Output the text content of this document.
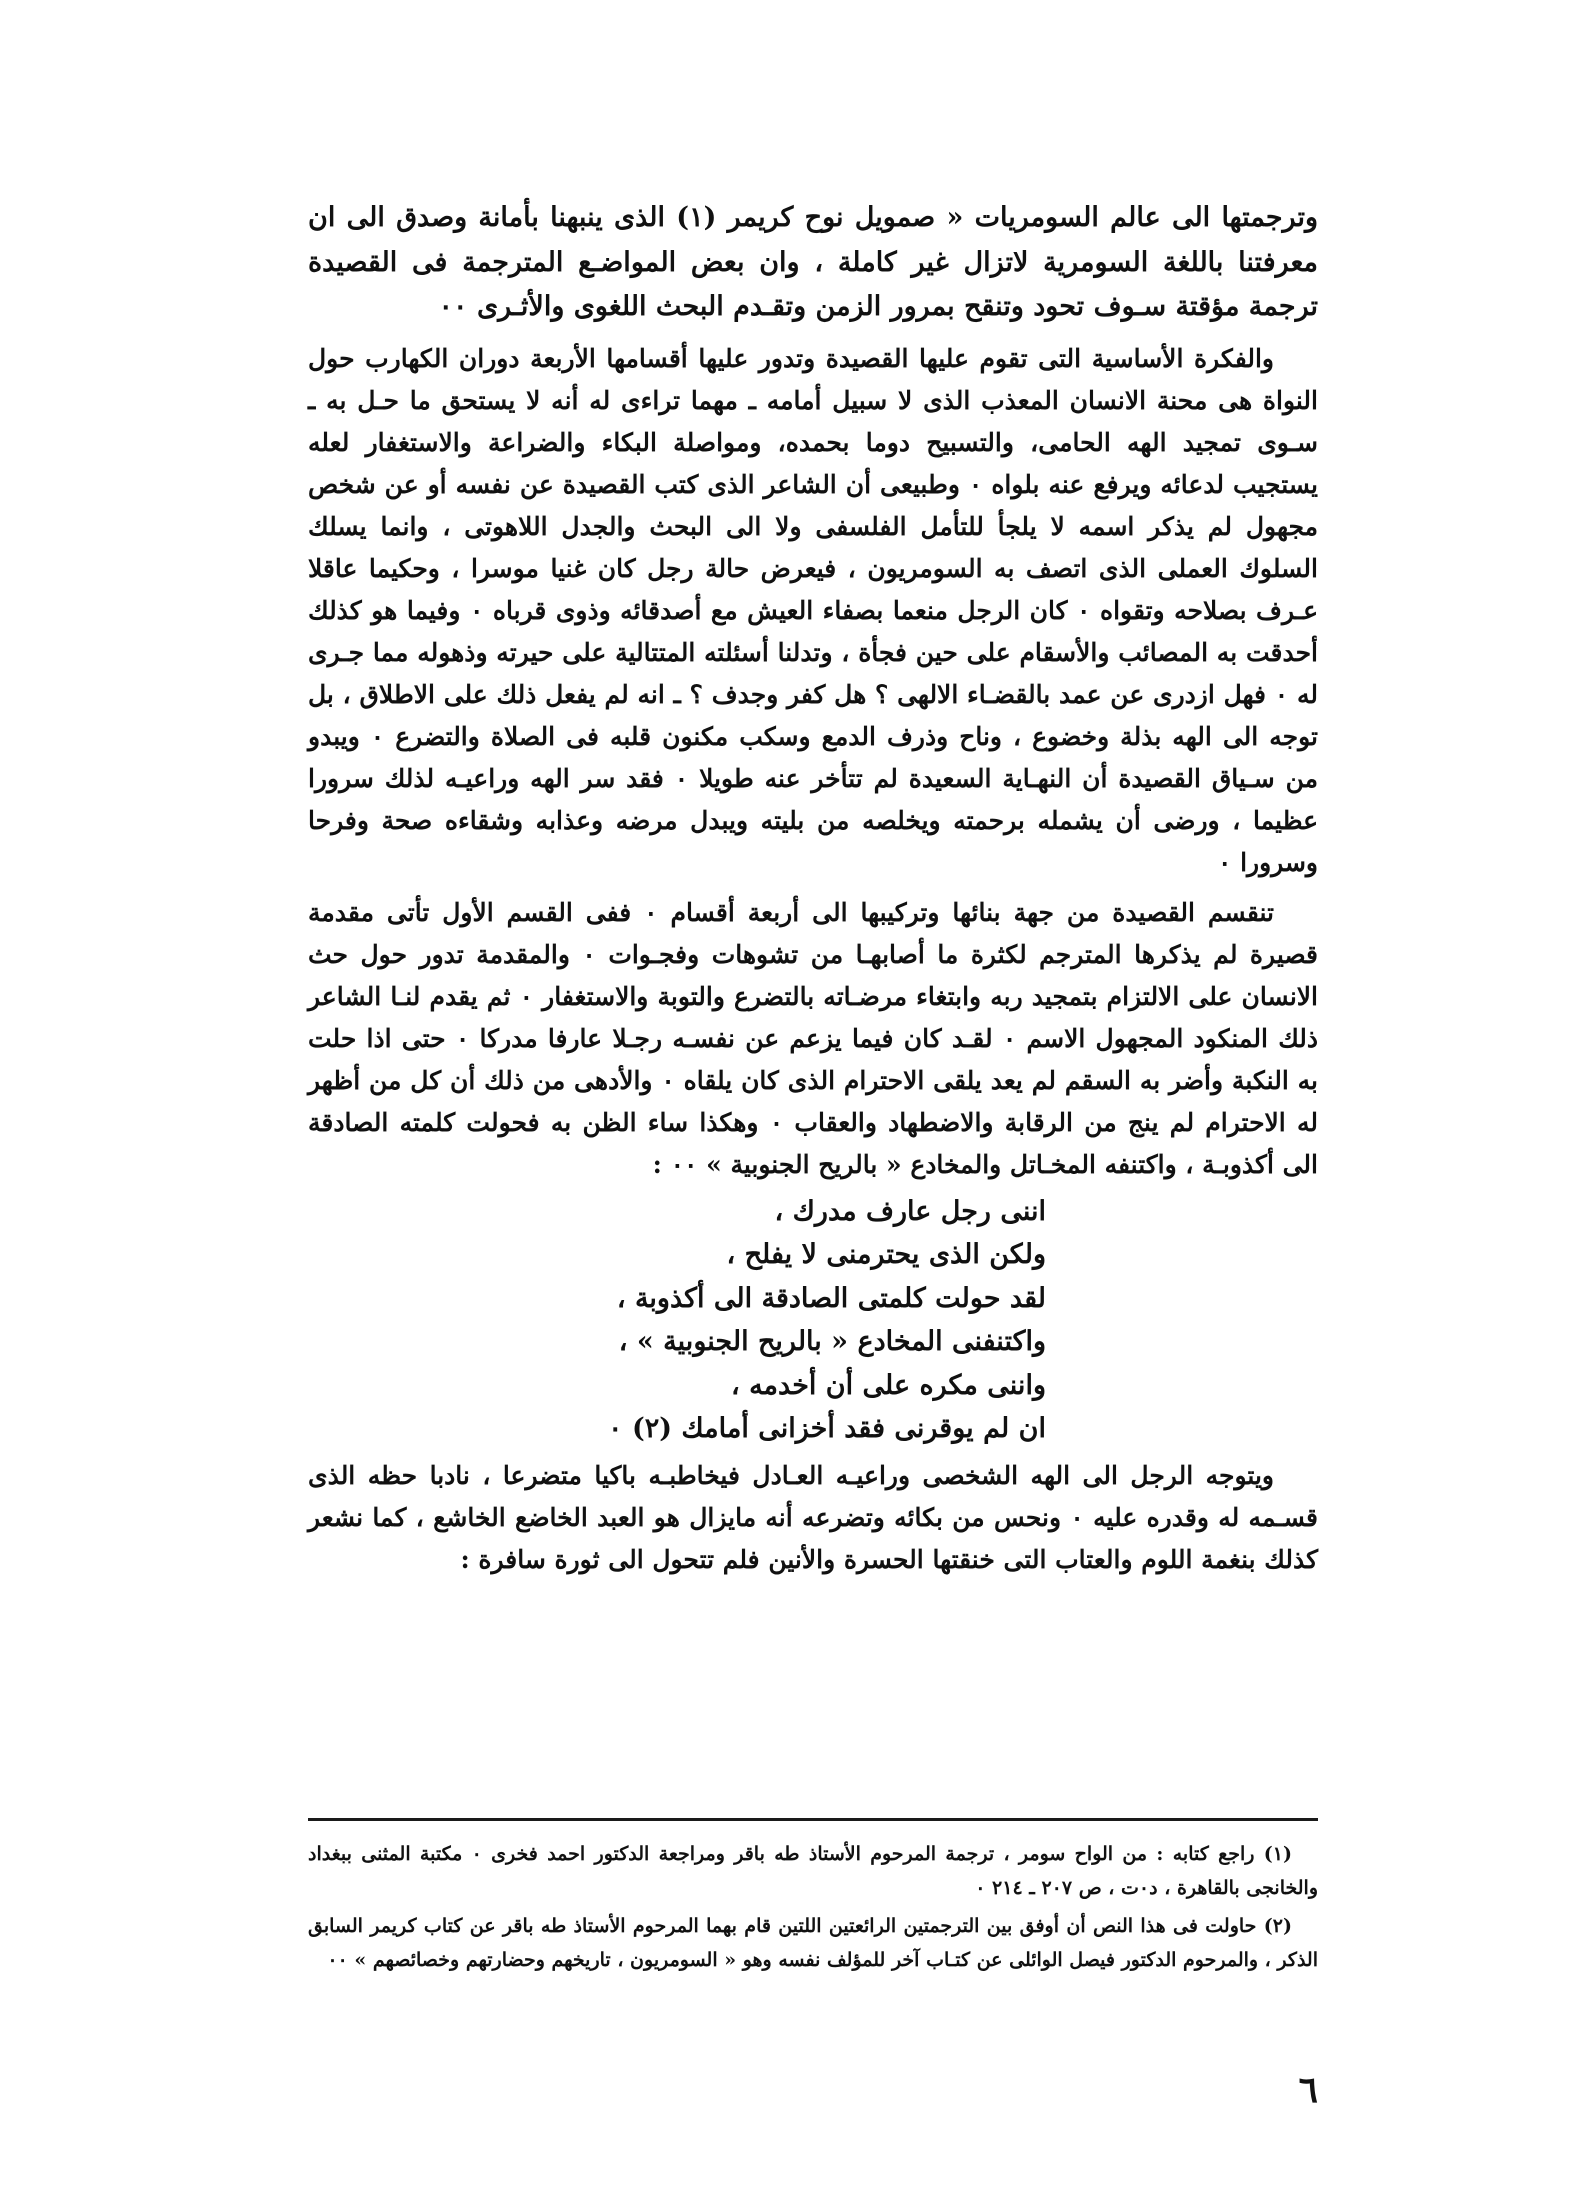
وترجمتها الى عالم السومريات « صمويل نوح كريمر (١) الذى ينبهنا بأمانة وصدق الى ان معرفتنا باللغة السومرية لاتزال غير كاملة ، وان بعض المواضـع المترجمة فى القصيدة ترجمة مؤقتة سـوف تحود وتنقح بمرور الزمن وتقـدم البحث اللغوى والأثـرى ٠٠

والفكرة الأساسية التى تقوم عليها القصيدة وتدور عليها أقسامها الأربعة دوران الكهارب حول النواة هى محنة الانسان المعذب الذى لا سبيل أمامه ـ مهما تراءى له أنه لا يستحق ما حـل به ـ سـوى تمجيد الهه الحامى، والتسبيح دوما بحمده، ومواصلة البكاء والضراعة والاستغفار لعله يستجيب لدعائه ويرفع عنه بلواه ٠ وطبيعى أن الشاعر الذى كتب القصيدة عن نفسه أو عن شخص مجهول لم يذكر اسمه لا يلجأ للتأمل الفلسفى ولا الى البحث والجدل اللاهوتى ، وانما يسلك السلوك العملى الذى اتصف به السومريون ، فيعرض حالة رجل كان غنيا موسرا ، وحكيما عاقلا عـرف بصلاحه وتقواه ٠ كان الرجل منعما بصفاء العيش مع أصدقائه وذوى قرباه ٠ وفيما هو كذلك أحدقت به المصائب والأسقام على حين فجأة ، وتدلنا أسئلته المتتالية على حيرته وذهوله مما جـرى له ٠ فهل ازدرى عن عمد بالقضـاء الالهى ؟ هل كفر وجدف ؟ ـ انه لم يفعل ذلك على الاطلاق ، بل توجه الى الهه بذلة وخضوع ، وناح وذرف الدمع وسكب مكنون قلبه فى الصلاة والتضرع ٠ ويبدو من سـياق القصيدة أن النهـاية السعيدة لم تتأخر عنه طويلا ٠ فقد سر الهه وراعيـه لذلك سرورا عظيما ، ورضى أن يشمله برحمته ويخلصه من بليته ويبدل مرضه وعذابه وشقاءه صحة وفرحا وسرورا ٠

تنقسم القصيدة من جهة بنائها وتركيبها الى أربعة أقسام ٠ ففى القسم الأول تأتى مقدمة قصيرة لم يذكرها المترجم لكثرة ما أصابهـا من تشوهات وفجـوات ٠ والمقدمة تدور حول حث الانسان على الالتزام بتمجيد ربه وابتغاء مرضـاته بالتضرع والتوبة والاستغفار ٠ ثم يقدم لنـا الشاعر ذلك المنكود المجهول الاسم ٠ لقـد كان فيما يزعم عن نفسـه رجـلا عارفا مدركا ٠ حتى اذا حلت به النكبة وأضر به السقم لم يعد يلقى الاحترام الذى كان يلقاه ٠ والأدهى من ذلك أن كل من أظهر له الاحترام لم ينج من الرقابة والاضطهاد والعقاب ٠ وهكذا ساء الظن به فحولت كلمته الصادقة الى أكذوبـة ، واكتنفه المخـاتل والمخادع « بالريح الجنوبية » ٠٠ :

اننى رجل عارف مدرك ،
ولكن الذى يحترمنى لا يفلح ،
لقد حولت كلمتى الصادقة الى أكذوبة ،
واكتنفنى المخادع « بالريح الجنوبية » ،
واننى مكره على أن أخدمه ،
ان لم يوقرنى فقد أخزانى أمامك (٢) ٠

ويتوجه الرجل الى الهه الشخصى وراعيـه العـادل فيخاطبـه باكيا متضرعا ، نادبا حظه الذى قسـمه له وقدره عليه ٠ ونحس من بكائه وتضرعه أنه مايزال هو العبد الخاضع الخاشع ، كما نشعر كذلك بنغمة اللوم والعتاب التى خنقتها الحسرة والأنين فلم تتحول الى ثورة سافرة :

(١) راجع كتابه : من الواح سومر ، ترجمة المرحوم الأستاذ طه باقر ومراجعة الدكتور احمد فخرى ٠ مكتبة المثنى ببغداد والخانجى بالقاهرة ، د٠ت ، ص ٢٠٧ ـ ٢١٤ ٠

(٢) حاولت فى هذا النص أن أوفق بين الترجمتين الرائعتين اللتين قام بهما المرحوم الأستاذ طه باقر عن كتاب كريمر السابق الذكر ، والمرحوم الدكتور فيصل الوائلى عن كتـاب آخر للمؤلف نفسه وهو « السومريون ، تاريخهم وحضارتهم وخصائصهم » ٠٠

٦
